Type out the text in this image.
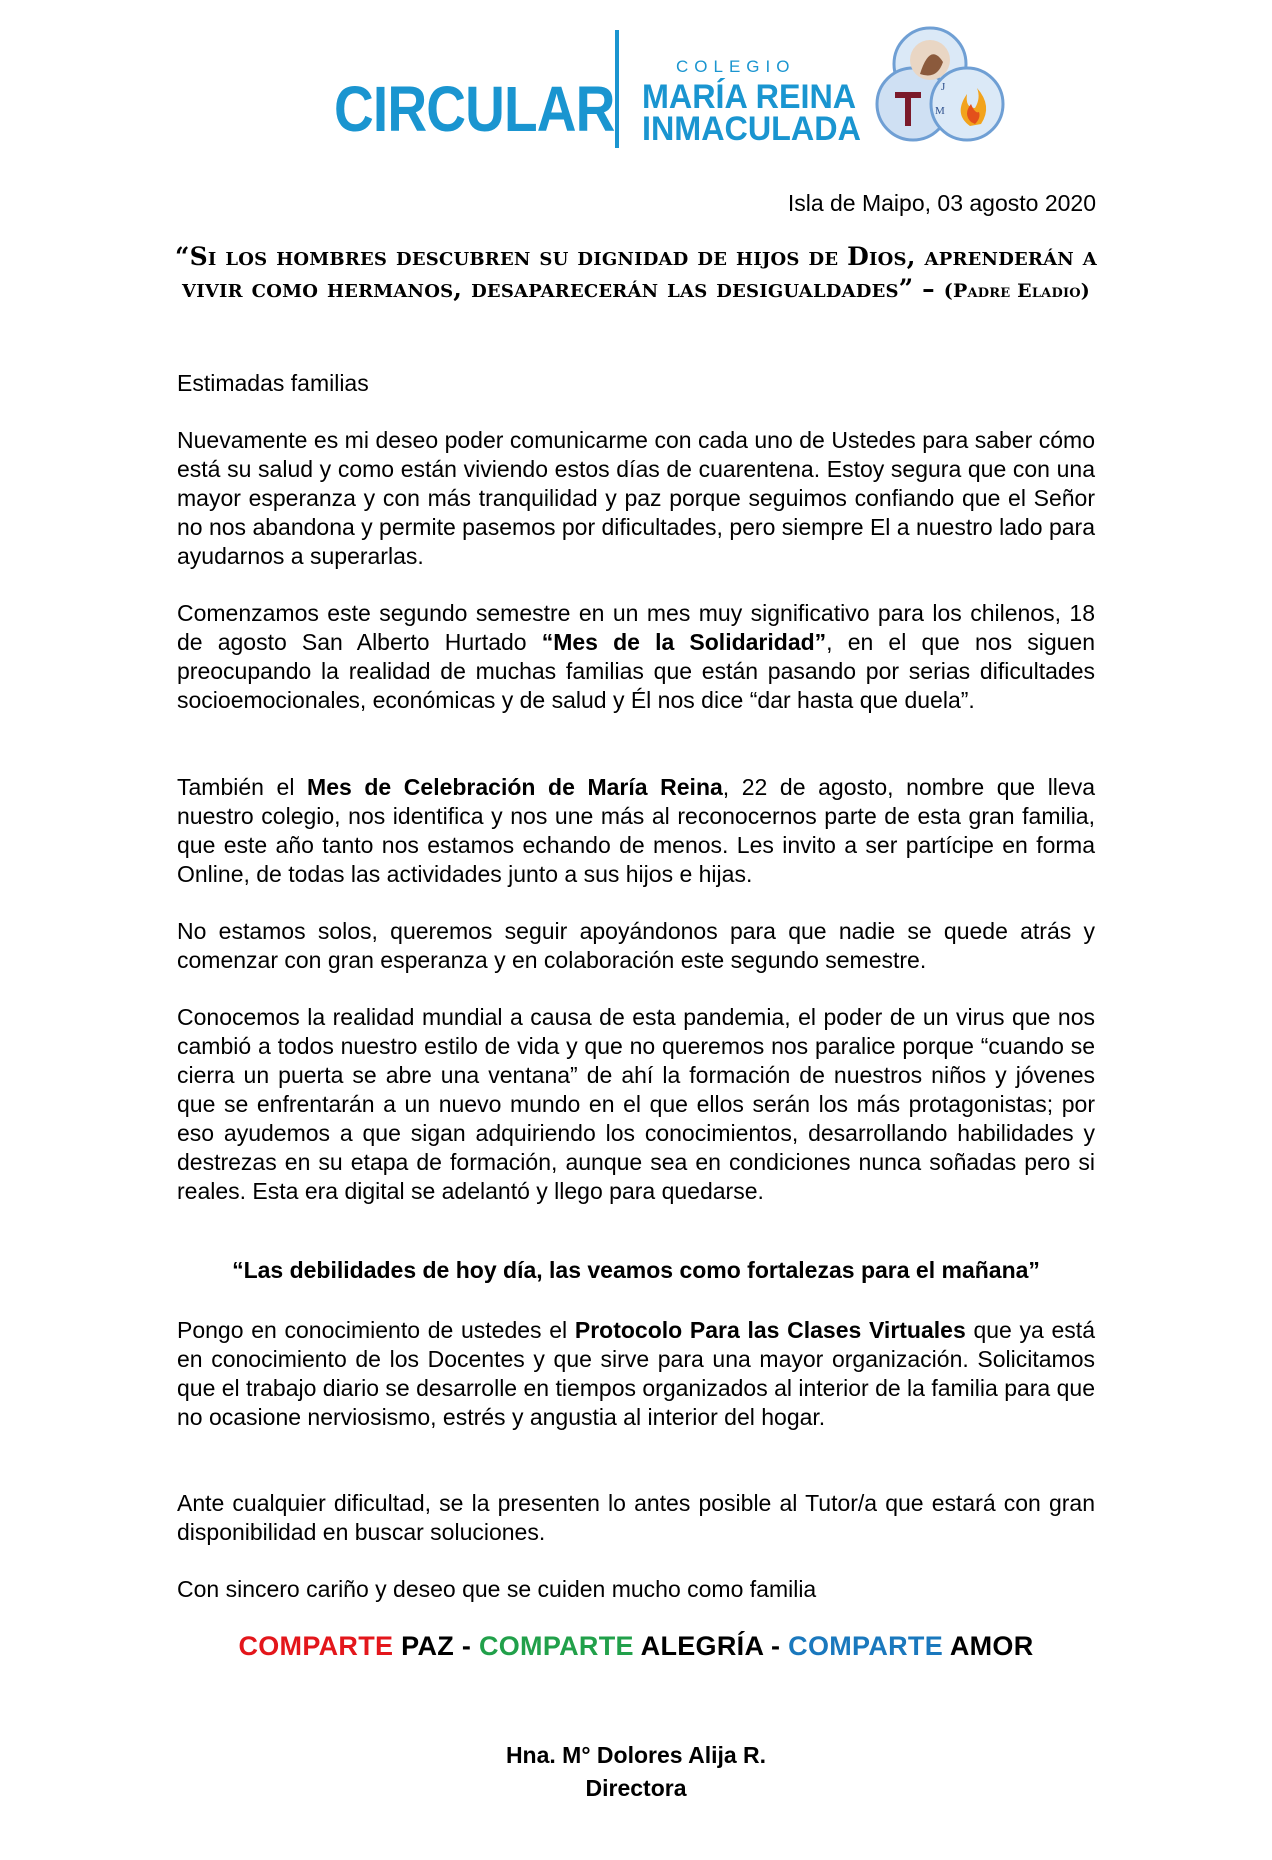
CIRCULAR
COLEGIO
MARÍA REINA
INMACULADA
J
M
Isla de Maipo, 03 agosto 2020
“Si los hombres descubren su dignidad de hijos de Dios, aprenderán a vivir como hermanos, desaparecerán las desigualdades” – (Padre Eladio)

Estimadas familias

Nuevamente es mi deseo poder comunicarme con cada uno de Ustedes para saber cómo está su salud y como están viviendo estos días de cuarentena. Estoy segura que con una mayor esperanza y con más tranquilidad y paz porque seguimos confiando que el Señor no nos abandona y permite pasemos por dificultades, pero siempre El a nuestro lado para ayudarnos a superarlas.

Comenzamos este segundo semestre en un mes muy significativo para los chilenos, 18 de agosto San Alberto Hurtado “Mes de la Solidaridad”, en el que nos siguen preocupando la realidad de muchas familias que están pasando por serias dificultades socioemocionales, económicas y de salud y Él nos dice “dar hasta que duela”.

También el Mes de Celebración de María Reina, 22 de agosto, nombre que lleva nuestro colegio, nos identifica y nos une más al reconocernos parte de esta gran familia, que este año tanto nos estamos echando de menos. Les invito a ser partícipe en forma Online, de todas las actividades junto a sus hijos e hijas.

No estamos solos, queremos seguir apoyándonos para que nadie se quede atrás y comenzar con gran esperanza y en colaboración este segundo semestre.

Conocemos la realidad mundial a causa de esta pandemia, el poder de un virus que nos cambió a todos nuestro estilo de vida y que no queremos nos paralice porque “cuando se cierra un puerta se abre una ventana” de ahí la formación de nuestros niños y jóvenes que se enfrentarán a un nuevo mundo en el que ellos serán los más protagonistas; por eso ayudemos a que sigan adquiriendo los conocimientos, desarrollando habilidades y destrezas en su etapa de formación, aunque sea en condiciones nunca soñadas pero si reales. Esta era digital se adelantó y llego para quedarse.

Pongo en conocimiento de ustedes el Protocolo Para las Clases Virtuales que ya está en conocimiento de los Docentes y que sirve para una mayor organización. Solicitamos que el trabajo diario se desarrolle en tiempos organizados al interior de la familia para que no ocasione nerviosismo, estrés y angustia al interior del hogar.

Ante cualquier dificultad, se la presenten lo antes posible al Tutor/a que estará con gran disponibilidad en buscar soluciones.

Con sincero cariño y deseo que se cuiden mucho como familia

“Las debilidades de hoy día, las veamos como fortalezas para el mañana”
COMPARTE PAZ - COMPARTE ALEGRÍA - COMPARTE AMOR
Hna. M° Dolores Alija R.
Directora
